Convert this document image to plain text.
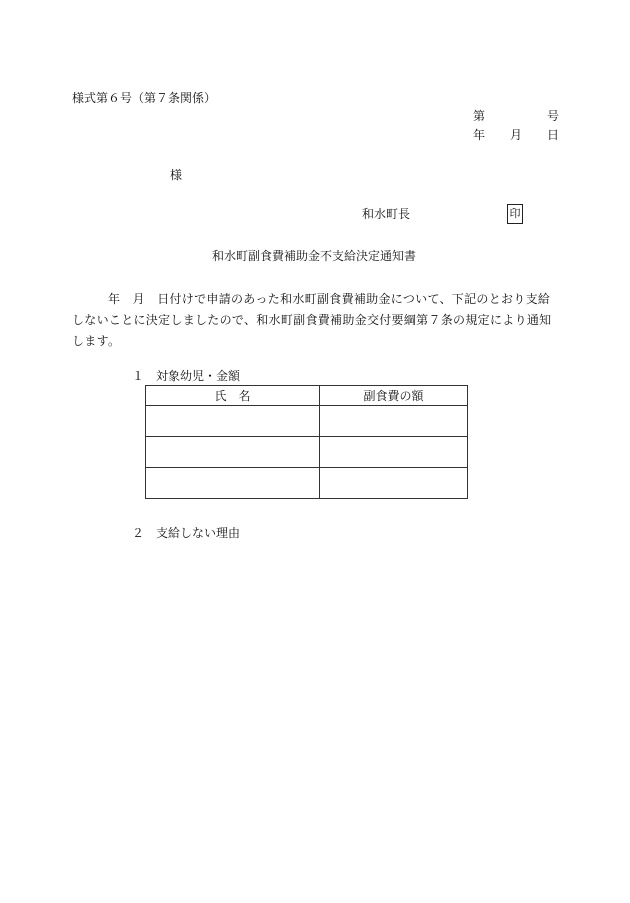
様式第６号（第７条関係）
第	号
年 月 日
様
和水町長	印
和水町副食費補助金不支給決定通知書
年　月　日付けで申請のあった和水町副食費補助金について、下記のとおり支給しないことに決定しましたので、和水町副食費補助金交付要綱第７条の規定により通知します。
１　対象幼児・金額
氏　名	副食費の額

２　支給しない理由
